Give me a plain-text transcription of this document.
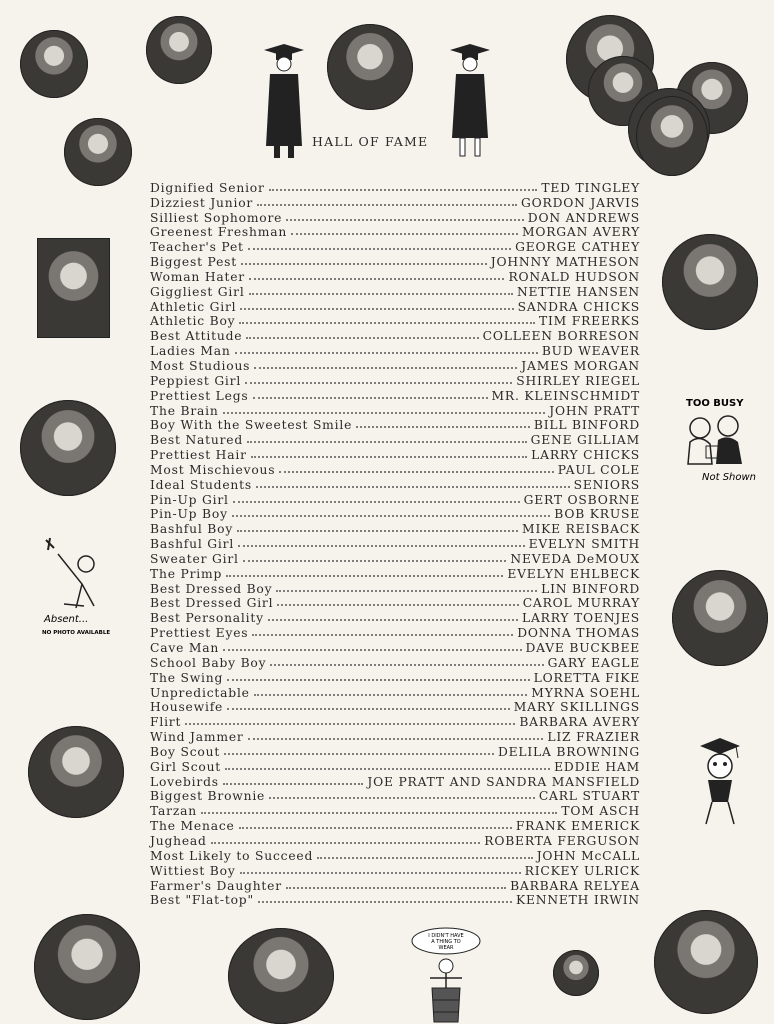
HALL OF FAME
Dignified Senior	TED TINGLEY
Dizziest Junior	GORDON JARVIS
Silliest Sophomore	DON ANDREWS
Greenest Freshman	MORGAN AVERY
Teacher's Pet	GEORGE CATHEY
Biggest Pest	JOHNNY MATHESON
Woman Hater	RONALD HUDSON
Giggliest Girl	NETTIE HANSEN
Athletic Girl	SANDRA CHICKS
Athletic Boy	TIM FREERKS
Best Attitude	COLLEEN BORRESON
Ladies Man	BUD WEAVER
Most Studious	JAMES MORGAN
Peppiest Girl	SHIRLEY RIEGEL
Prettiest Legs	MR. KLEINSCHMIDT
The Brain	JOHN PRATT
Boy With the Sweetest Smile	BILL BINFORD
Best Natured	GENE GILLIAM
Prettiest Hair	LARRY CHICKS
Most Mischievous	PAUL COLE
Ideal Students	SENIORS
Pin-Up Girl	GERT OSBORNE
Pin-Up Boy	BOB KRUSE
Bashful Boy	MIKE REISBACK
Bashful Girl	EVELYN SMITH
Sweater Girl	NEVEDA DeMOUX
The Primp	EVELYN EHLBECK
Best Dressed Boy	LIN BINFORD
Best Dressed Girl	CAROL MURRAY
Best Personality	LARRY TOENJES
Prettiest Eyes	DONNA THOMAS
Cave Man	DAVE BUCKBEE
School Baby Boy	GARY EAGLE
The Swing	LORETTA FIKE
Unpredictable	MYRNA SOEHL
Housewife	MARY SKILLINGS
Flirt	BARBARA AVERY
Wind Jammer	LIZ FRAZIER
Boy Scout	DELILA BROWNING
Girl Scout	EDDIE HAM
Lovebirds	JOE PRATT AND SANDRA MANSFIELD
Biggest Brownie	CARL STUART
Tarzan	TOM ASCH
The Menace	FRANK EMERICK
Jughead	ROBERTA FERGUSON
Most Likely to Succeed	JOHN McCALL
Wittiest Boy	RICKEY ULRICK
Farmer's Daughter	BARBARA RELYEA
Best "Flat-top"	KENNETH IRWIN
TOO BUSY
Not Shown
Absent...
NO PHOTO AVAILABLE
I DIDN'T HAVE
A THING TO
WEAR
